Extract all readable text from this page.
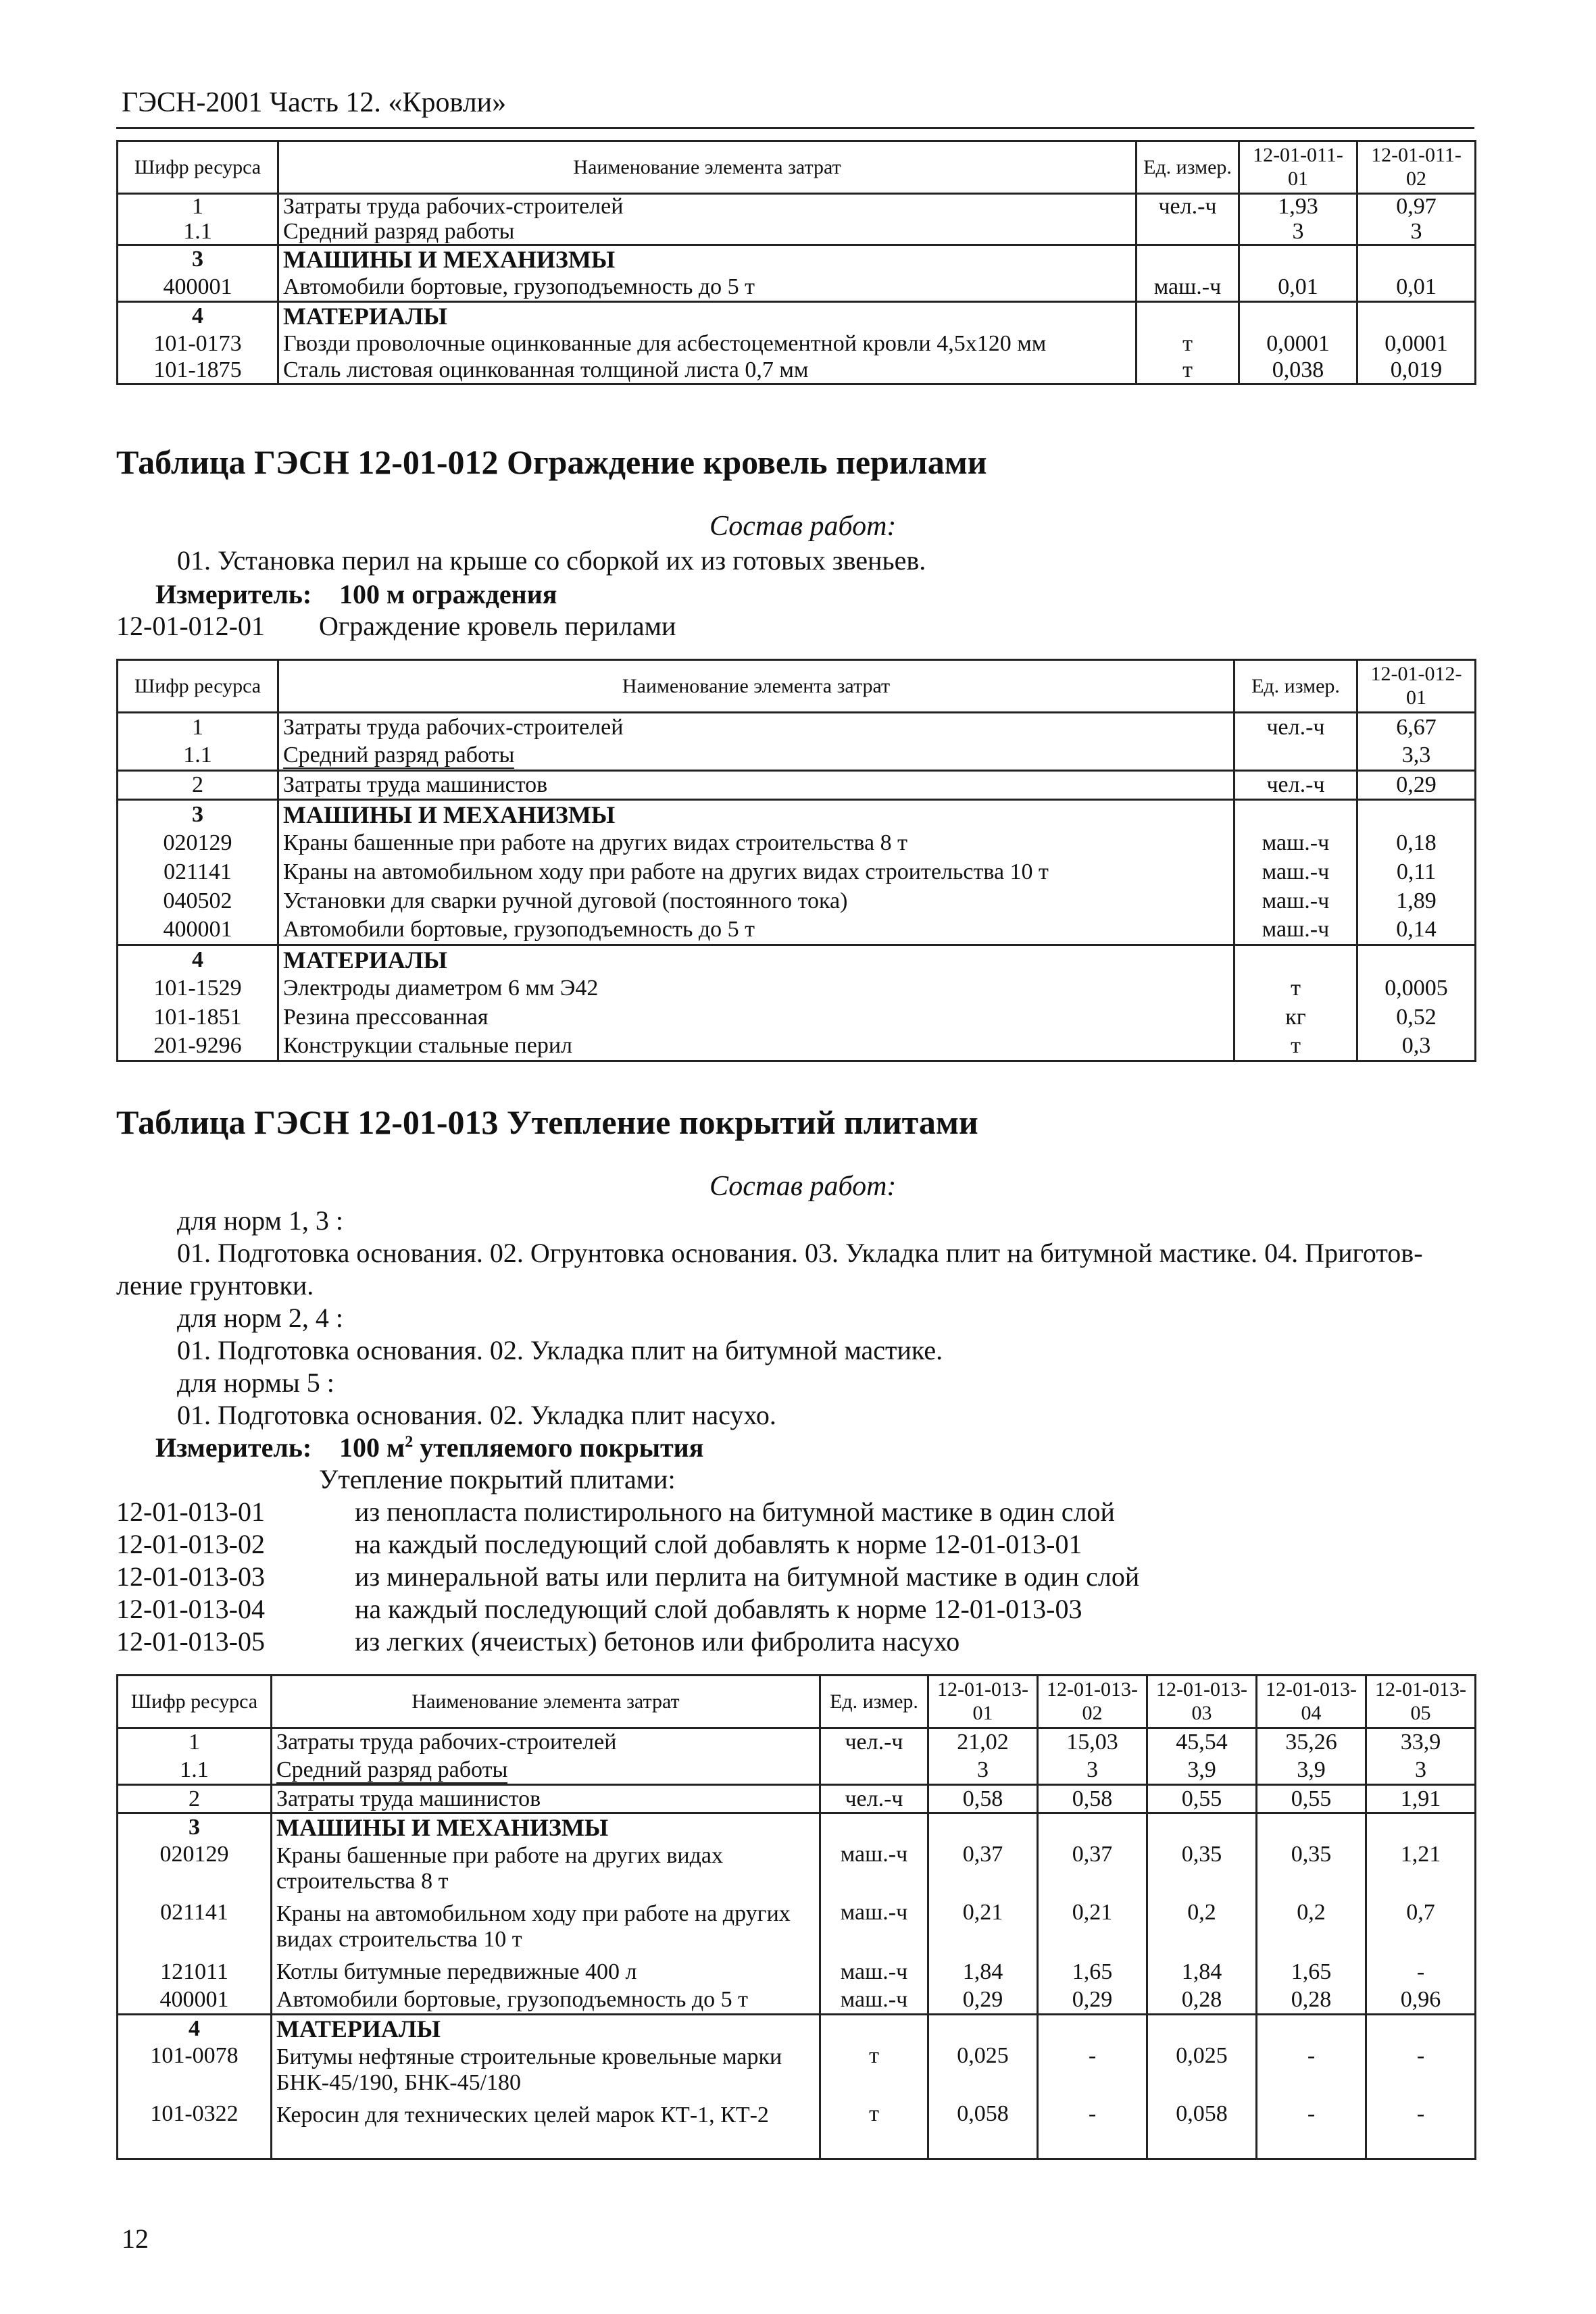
ГЭСН-2001 Часть 12. «Кровли»
Шифр ресурса	Наименование элемента затрат	Ед. измер.	12-01-011-01	12-01-011-02
1	Затраты труда рабочих-строителей	чел.-ч	1,93	0,97
1.1	Средний разряд работы		3	3
3	МАШИНЫ И МЕХАНИЗМЫ			
400001	Автомобили бортовые, грузоподъемность до 5 т	маш.-ч	0,01	0,01
4	МАТЕРИАЛЫ			
101-0173	Гвозди проволочные оцинкованные для асбестоцементной кровли 4,5х120 мм	т	0,0001	0,0001
101-1875	Сталь листовая оцинкованная толщиной листа 0,7 мм	т	0,038	0,019
Таблица ГЭСН 12-01-012 Ограждение кровель перилами
Состав работ:
01. Установка перил на крыше со сборкой их из готовых звеньев.
Измеритель: 100 м ограждения
12-01-012-01 Ограждение кровель перилами
Шифр ресурса	Наименование элемента затрат	Ед. измер.	12-01-012-01
1	Затраты труда рабочих-строителей	чел.-ч	6,67
1.1	Средний разряд работы		3,3
2	Затраты труда машинистов	чел.-ч	0,29
3	МАШИНЫ И МЕХАНИЗМЫ		
020129	Краны башенные при работе на других видах строительства 8 т	маш.-ч	0,18
021141	Краны на автомобильном ходу при работе на других видах строительства 10 т	маш.-ч	0,11
040502	Установки для сварки ручной дуговой (постоянного тока)	маш.-ч	1,89
400001	Автомобили бортовые, грузоподъемность до 5 т	маш.-ч	0,14
4	МАТЕРИАЛЫ		
101-1529	Электроды диаметром 6 мм Э42	т	0,0005
101-1851	Резина прессованная	кг	0,52
201-9296	Конструкции стальные перил	т	0,3
Таблица ГЭСН 12-01-013 Утепление покрытий плитами
Состав работ:
для норм 1, 3 :
01. Подготовка основания. 02. Огрунтовка основания. 03. Укладка плит на битумной мастике. 04. Приготов-
ление грунтовки.
для норм 2, 4 :
01. Подготовка основания. 02. Укладка плит на битумной мастике.
для нормы 5 :
01. Подготовка основания. 02. Укладка плит насухо.
Измеритель: 100 $м^2$ утепляемого покрытия
Утепление покрытий плитами:
12-01-013-01	из пенопласта полистирольного на битумной мастике в один слой
12-01-013-02	на каждый последующий слой добавлять к норме 12-01-013-01
12-01-013-03	из минеральной ваты или перлита на битумной мастике в один слой
12-01-013-04	на каждый последующий слой добавлять к норме 12-01-013-03
12-01-013-05	из легких (ячеистых) бетонов или фибролита насухо
Шифр ресурса	Наименование элемента затрат	Ед. измер.	12-01-013-01	12-01-013-02	12-01-013-03	12-01-013-04	12-01-013-05
1	Затраты труда рабочих-строителей	чел.-ч	21,02	15,03	45,54	35,26	33,9
1.1	Средний разряд работы		3	3	3,9	3,9	3
2	Затраты труда машинистов	чел.-ч	0,58	0,58	0,55	0,55	1,91
3	МАШИНЫ И МЕХАНИЗМЫ						
020129	Краны башенные при работе на других видах строительства 8 т	маш.-ч	0,37	0,37	0,35	0,35	1,21
021141	Краны на автомобильном ходу при работе на других видах строительства 10 т	маш.-ч	0,21	0,21	0,2	0,2	0,7
121011	Котлы битумные передвижные 400 л	маш.-ч	1,84	1,65	1,84	1,65	-
400001	Автомобили бортовые, грузоподъемность до 5 т	маш.-ч	0,29	0,29	0,28	0,28	0,96
4	МАТЕРИАЛЫ						
101-0078	Битумы нефтяные строительные кровельные марки БНК-45/190, БНК-45/180	т	0,025	-	0,025	-	-
101-0322	Керосин для технических целей марок КТ-1, КТ-2	т	0,058	-	0,058	-	-
12
